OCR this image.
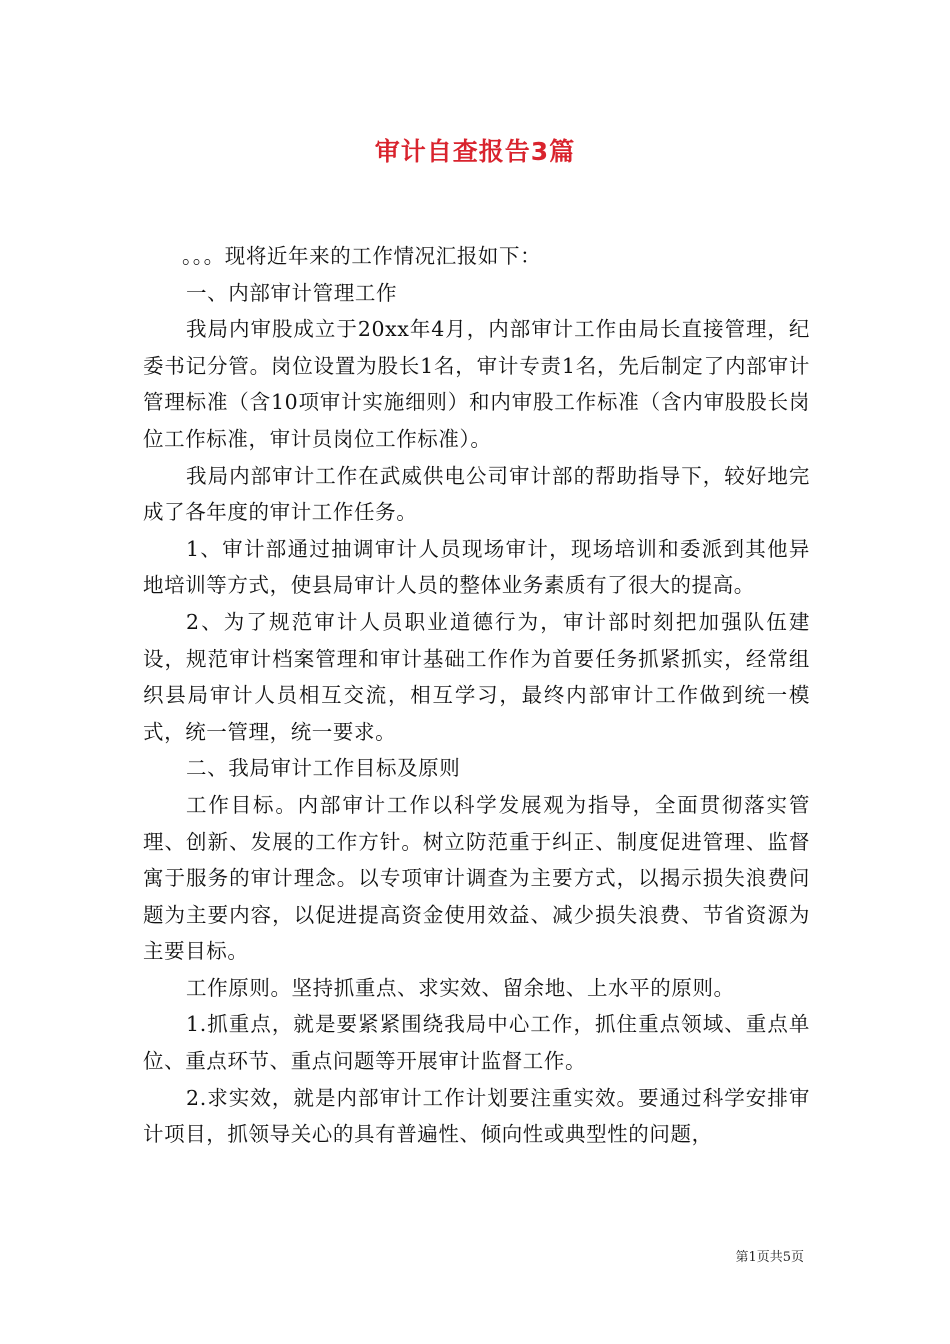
审计自查报告3篇

。。。现将近年来的工作情况汇报如下：

一、内部审计管理工作

我局内审股成立于20xx年4月，内部审计工作由局长直接管理，纪委书记分管。岗位设置为股长1名，审计专责1名，先后制定了内部审计管理标准（含10项审计实施细则）和内审股工作标准（含内审股股长岗位工作标准，审计员岗位工作标准）。

我局内部审计工作在武威供电公司审计部的帮助指导下，较好地完成了各年度的审计工作任务。

1、审计部通过抽调审计人员现场审计，现场培训和委派到其他异地培训等方式，使县局审计人员的整体业务素质有了很大的提高。

2、为了规范审计人员职业道德行为，审计部时刻把加强队伍建设，规范审计档案管理和审计基础工作作为首要任务抓紧抓实，经常组织县局审计人员相互交流，相互学习，最终内部审计工作做到统一模式，统一管理，统一要求。

二、我局审计工作目标及原则

工作目标。内部审计工作以科学发展观为指导，全面贯彻落实管理、创新、发展的工作方针。树立防范重于纠正、制度促进管理、监督寓于服务的审计理念。以专项审计调查为主要方式，以揭示损失浪费问题为主要内容，以促进提高资金使用效益、减少损失浪费、节省资源为主要目标。

工作原则。坚持抓重点、求实效、留余地、上水平的原则。

1.抓重点，就是要紧紧围绕我局中心工作，抓住重点领域、重点单位、重点环节、重点问题等开展审计监督工作。

2.求实效，就是内部审计工作计划要注重实效。要通过科学安排审计项目，抓领导关心的具有普遍性、倾向性或典型性的问题，

第1页共5页
